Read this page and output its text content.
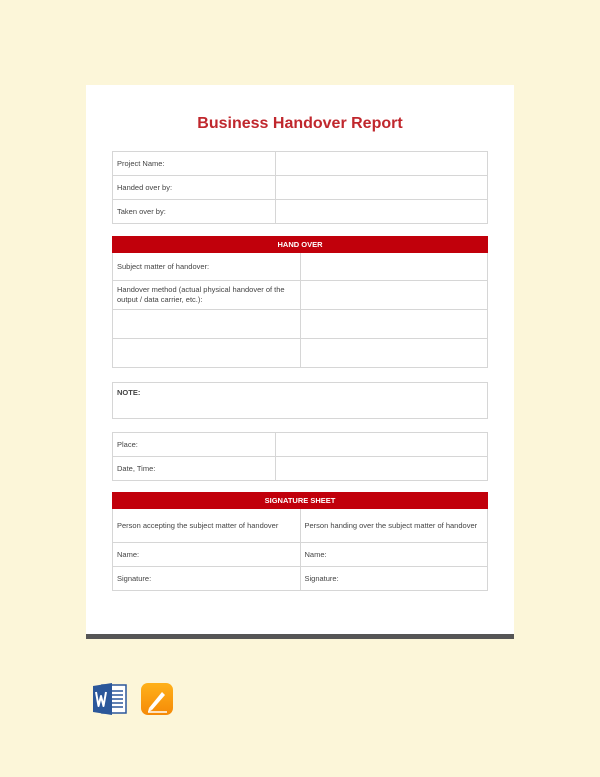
Business Handover Report
Project Name:	
Handed over by:	
Taken over by:	
HAND OVER	
Subject matter of handover:	
Handover method (actual physical handover of the output / data carrier, etc.):	

NOTE:
Place:	
Date, Time:	
SIGNATURE SHEET	
Person accepting the subject matter of handover	Person handing over the subject matter of handover
Name:	Name:
Signature:	Signature:
